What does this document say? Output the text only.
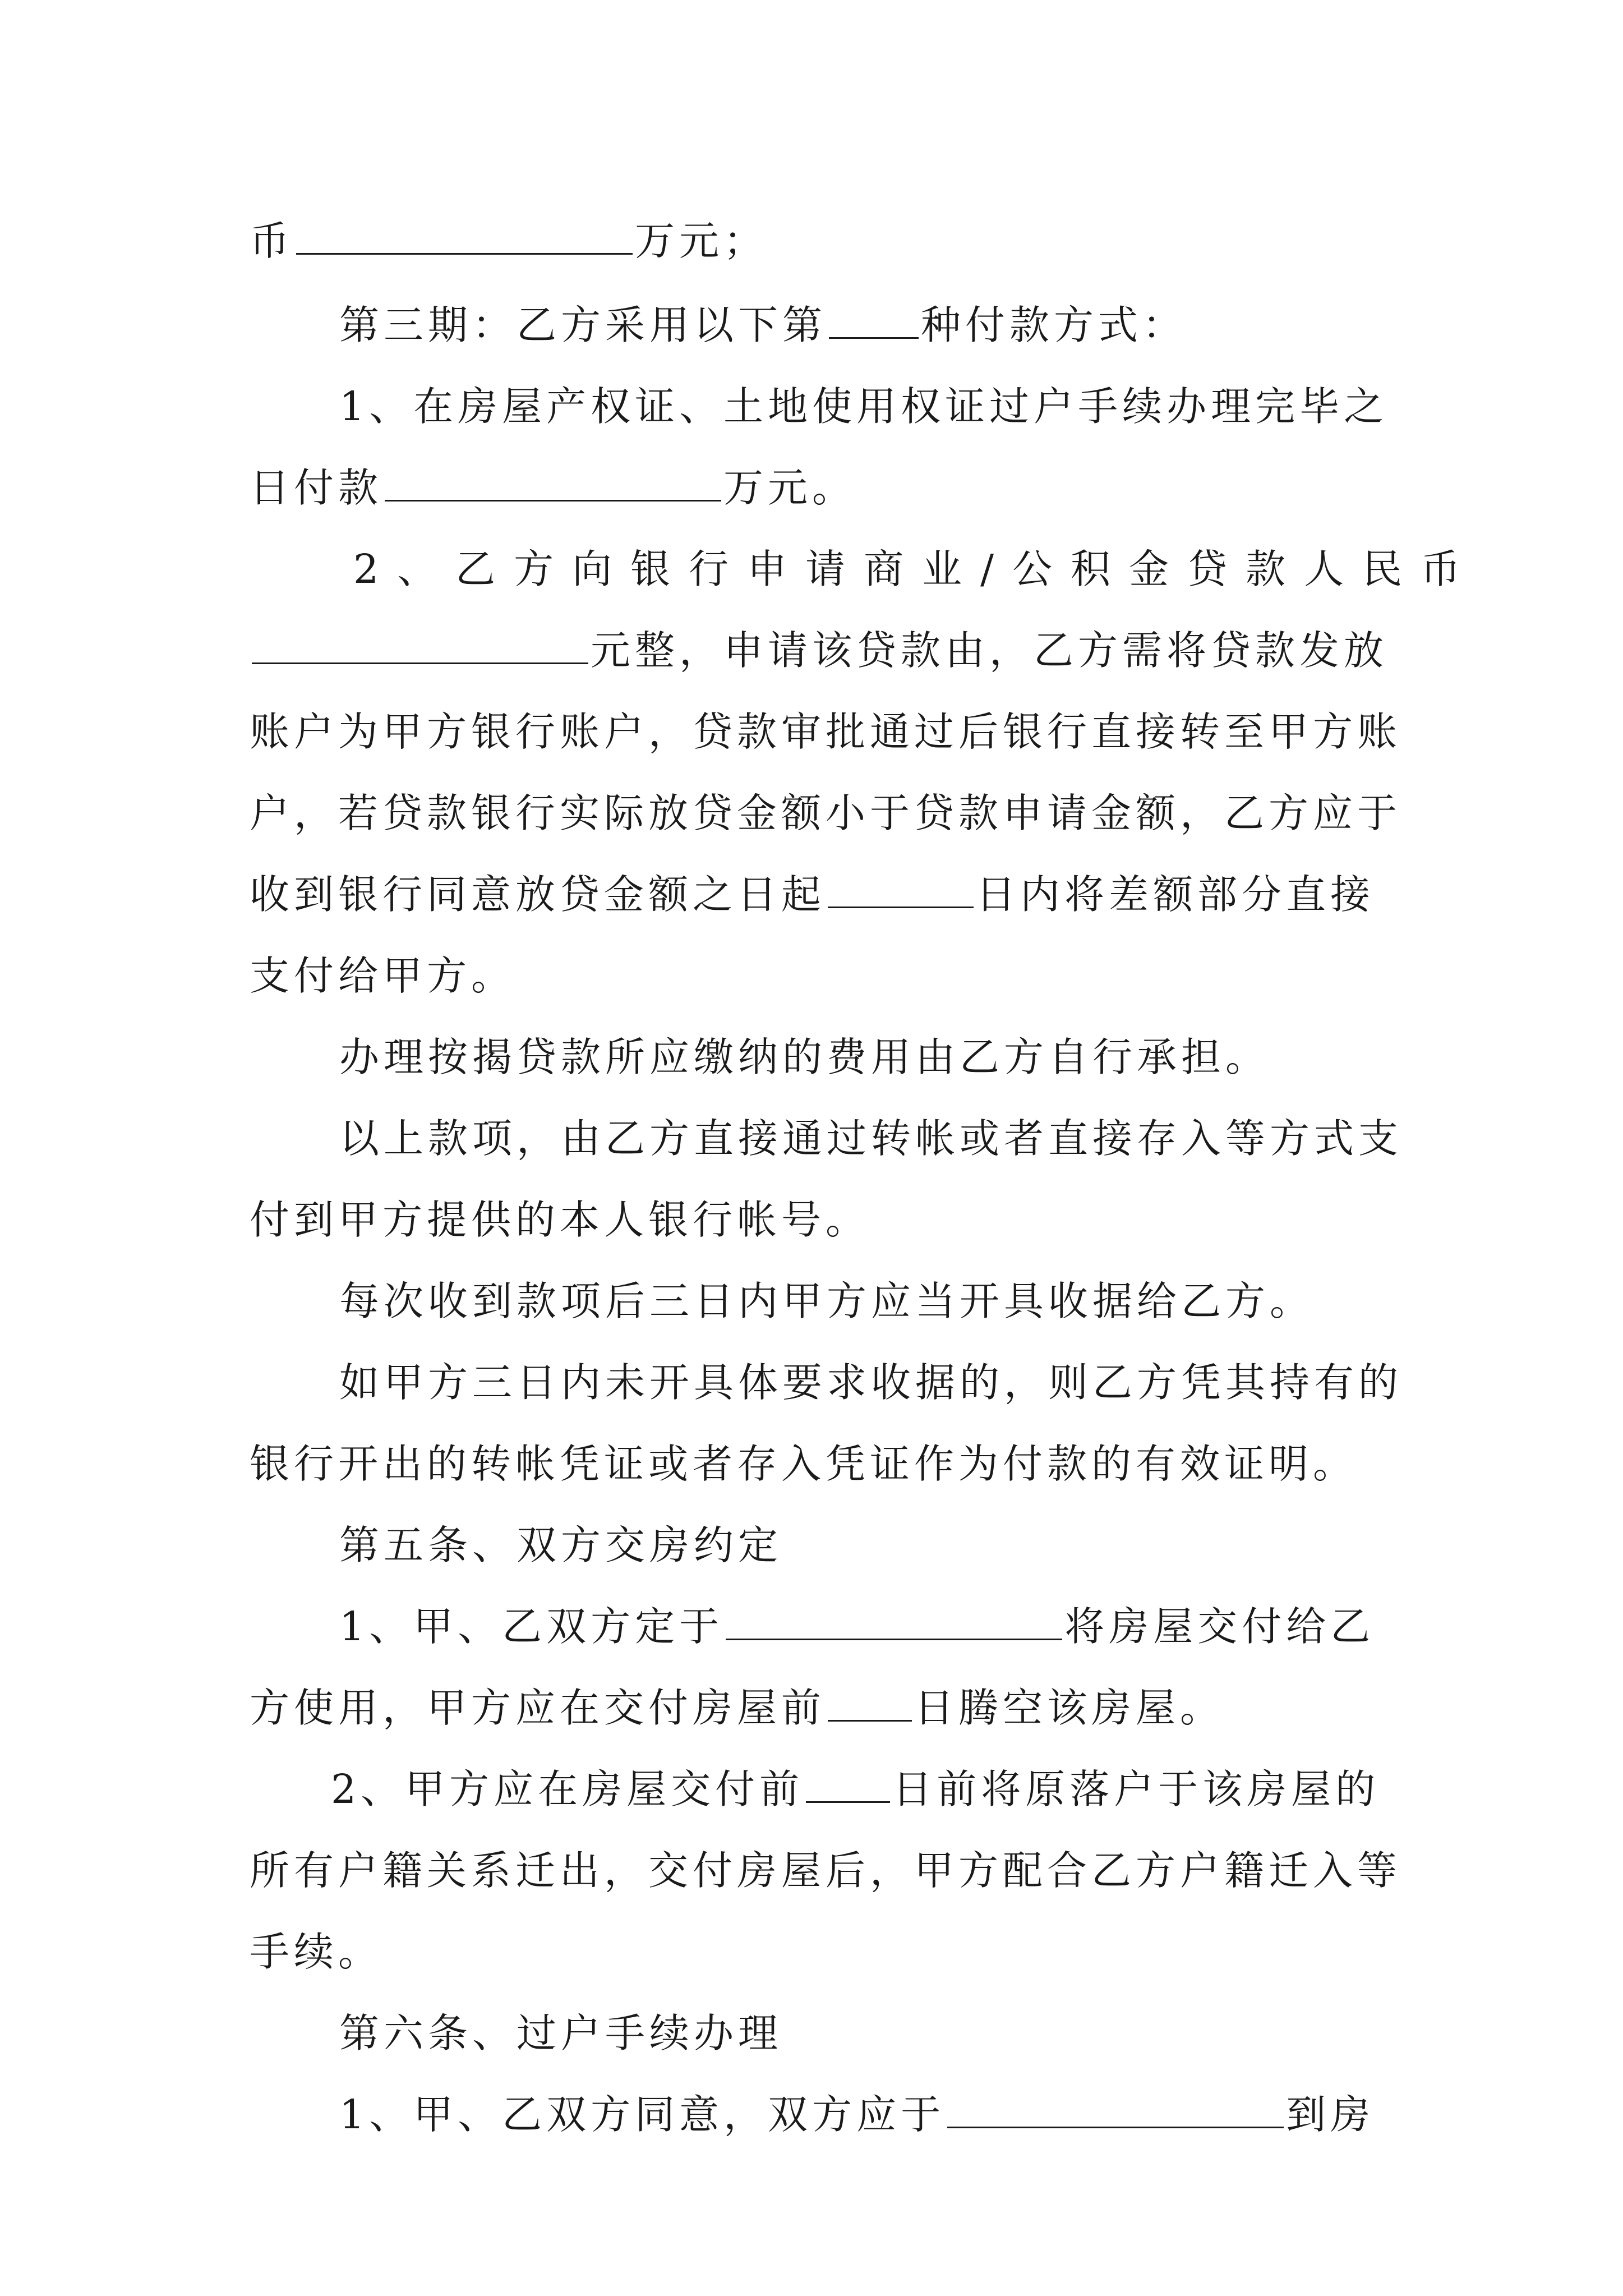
币	万元；
第三期：乙方采用以下第 种付款方式：
1、在房屋产权证、土地使用权证过户手续办理完毕之
日付款	万元。
2、乙方向银行申请商业/公积金贷款人民币
元整，申请该贷款由，乙方需将贷款发放
账户为甲方银行账户，贷款审批通过后银行直接转至甲方账
户，若贷款银行实际放贷金额小于贷款申请金额，乙方应于
收到银行同意放贷金额之日起	日内将差额部分直接
支付给甲方。
办理按揭贷款所应缴纳的费用由乙方自行承担。
以上款项，由乙方直接通过转帐或者直接存入等方式支
付到甲方提供的本人银行帐号。
每次收到款项后三日内甲方应当开具收据给乙方。
如甲方三日内未开具体要求收据的，则乙方凭其持有的
银行开出的转帐凭证或者存入凭证作为付款的有效证明。
第五条、双方交房约定
1、甲、乙双方定于	将房屋交付给乙
方使用，甲方应在交付房屋前 日腾空该房屋。
2、甲方应在房屋交付前 日前将原落户于该房屋的
所有户籍关系迁出，交付房屋后，甲方配合乙方户籍迁入等
手续。
第六条、过户手续办理
1、甲、乙双方同意，双方应于	到房
